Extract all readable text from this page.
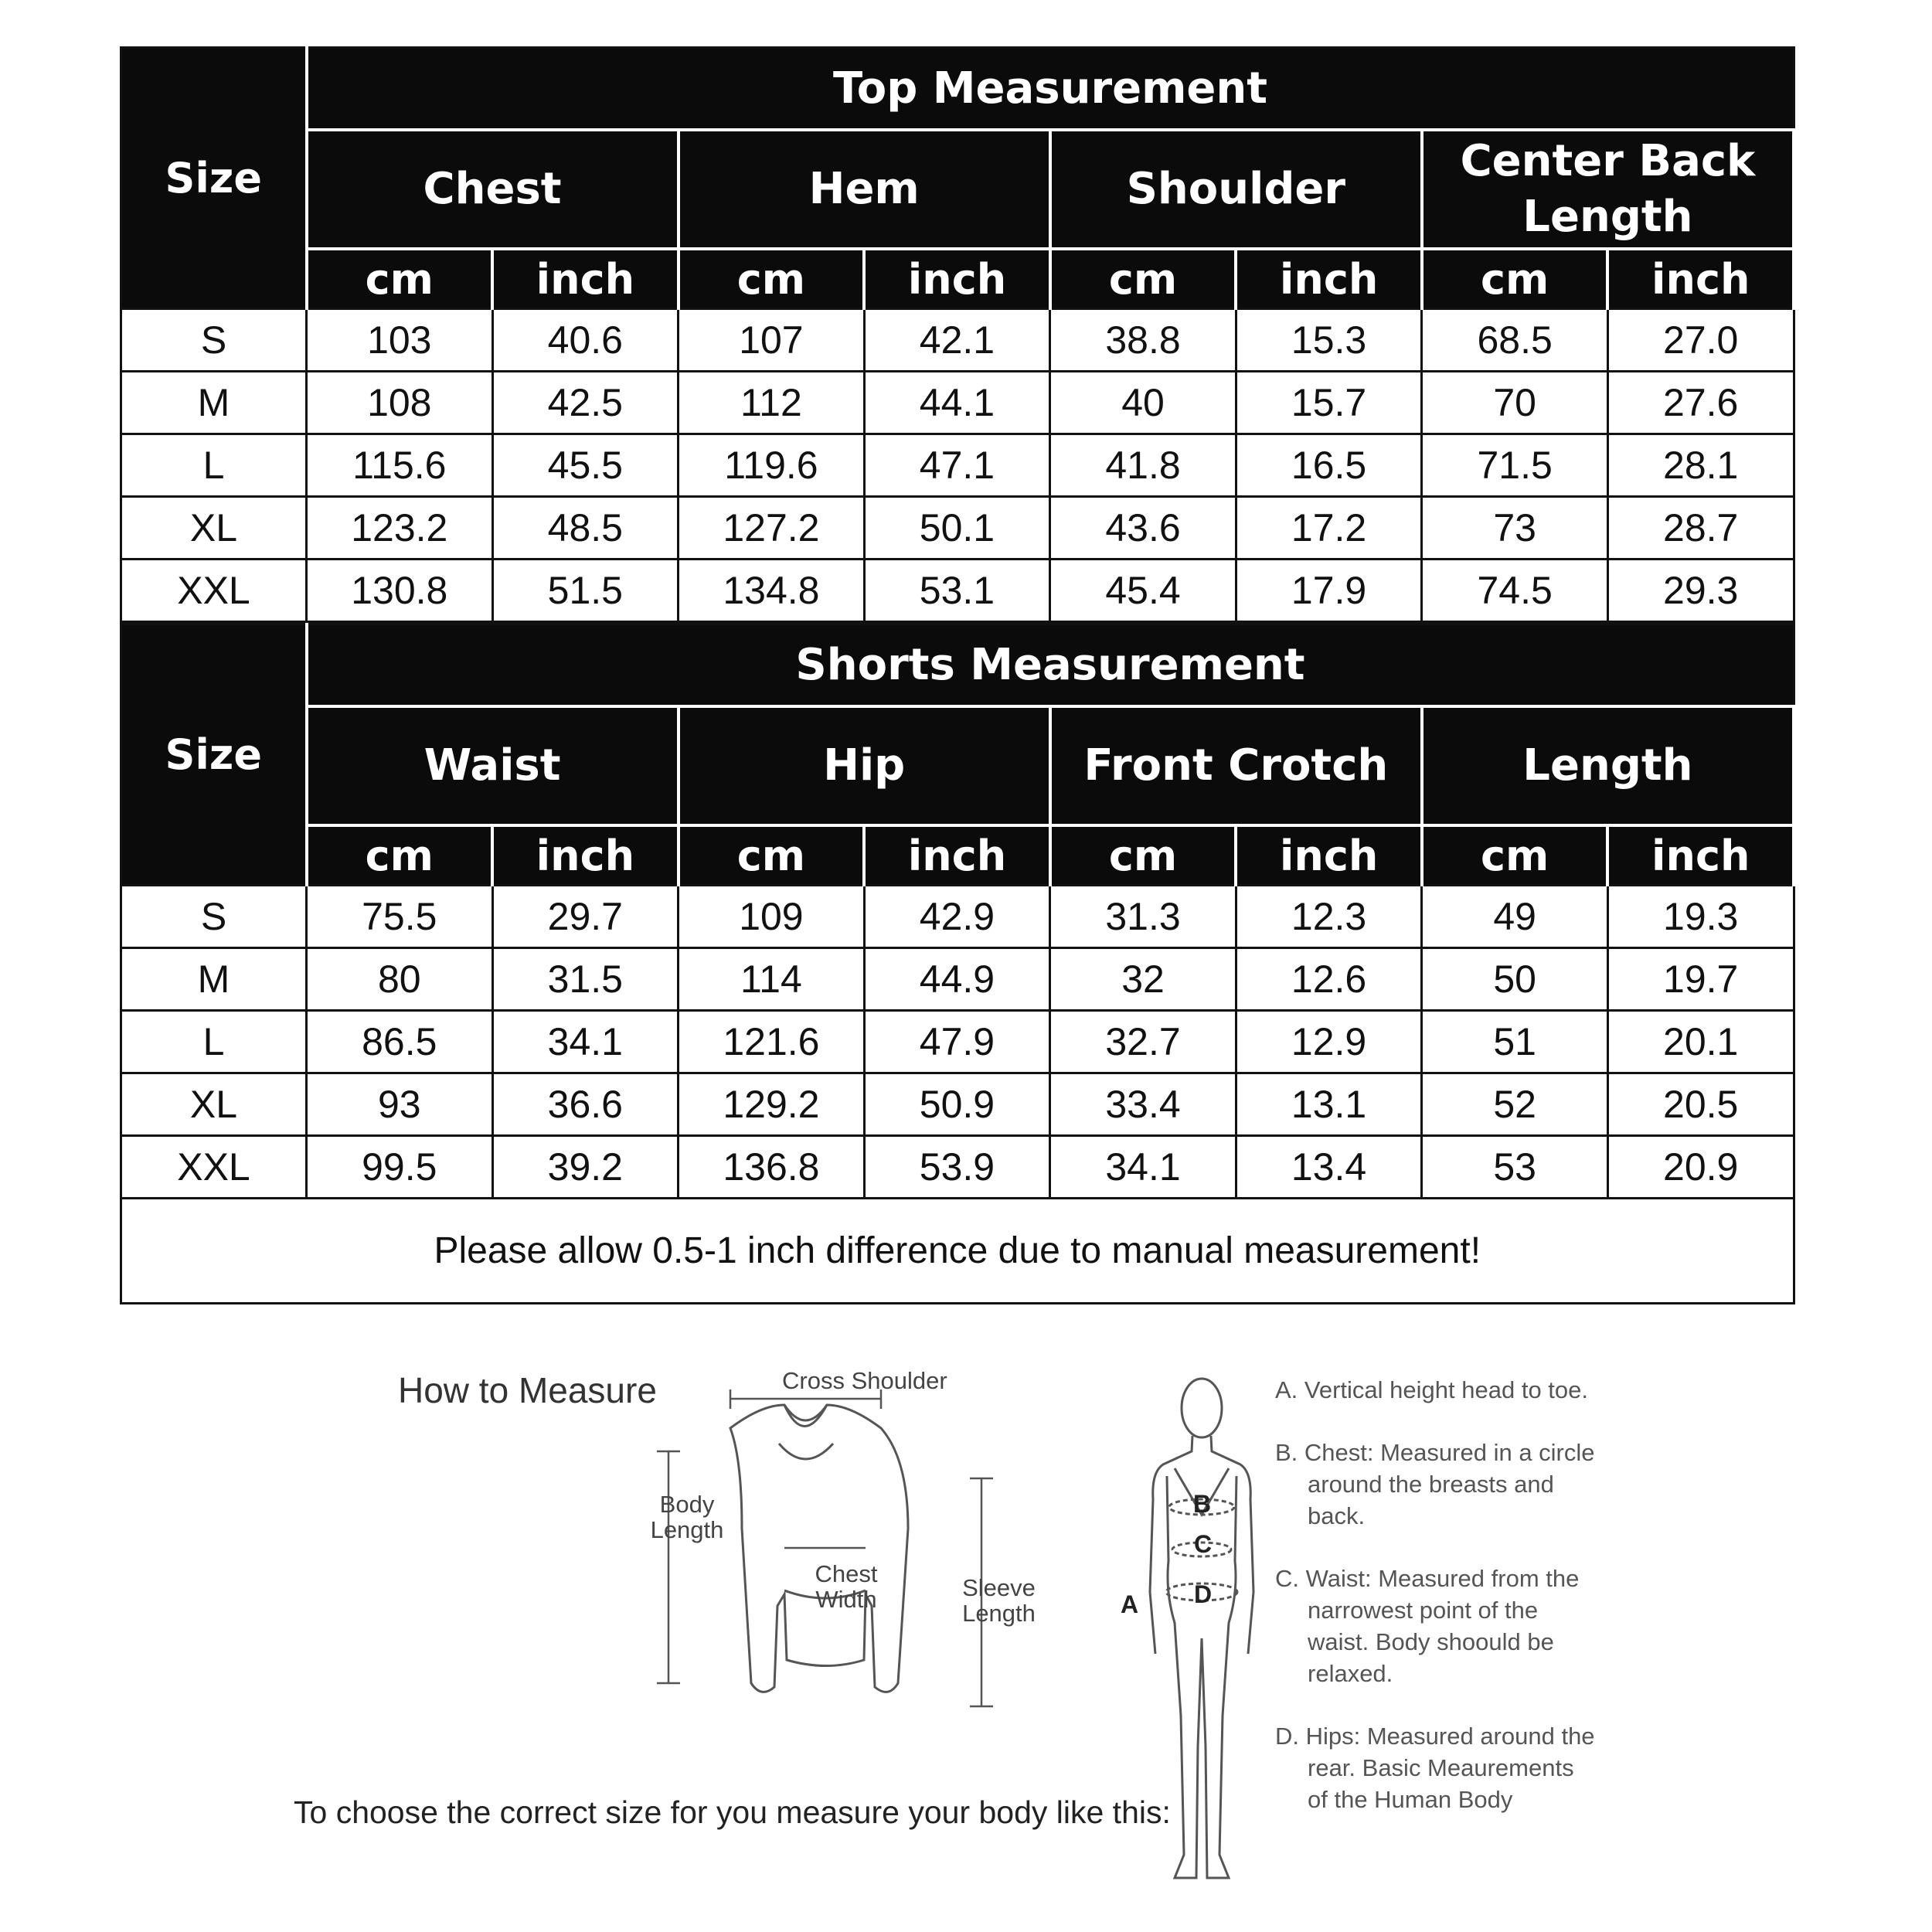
Size	Top Measurement							
	Chest		Hem		Shoulder		Center Back Length	
	cm	inch	cm	inch	cm	inch	cm	inch
S	103	40.6	107	42.1	38.8	15.3	68.5	27.0
M	108	42.5	112	44.1	40	15.7	70	27.6
L	115.6	45.5	119.6	47.1	41.8	16.5	71.5	28.1
XL	123.2	48.5	127.2	50.1	43.6	17.2	73	28.7
XXL	130.8	51.5	134.8	53.1	45.4	17.9	74.5	29.3
Size	Shorts Measurement							
	Waist		Hip		Front Crotch		Length	
	cm	inch	cm	inch	cm	inch	cm	inch
S	75.5	29.7	109	42.9	31.3	12.3	49	19.3
M	80	31.5	114	44.9	32	12.6	50	19.7
L	86.5	34.1	121.6	47.9	32.7	12.9	51	20.1
XL	93	36.6	129.2	50.9	33.4	13.1	52	20.5
XXL	99.5	39.2	136.8	53.9	34.1	13.4	53	20.9
Please allow 0.5-1 inch difference due to manual measurement!								
How to Measure	Cross Shoulder
Body Length
Chest Width	Sleeve Length
To choose the correct size for you measure your body like this:
B
C
D
A

A. Vertical height head to toe.

B. Chest: Measured in a circle around the breasts and back.

C. Waist: Measured from the narrowest point of the waist. Body shoould be relaxed.

D. Hips: Measured around the rear. Basic Meaurements of the Human Body
